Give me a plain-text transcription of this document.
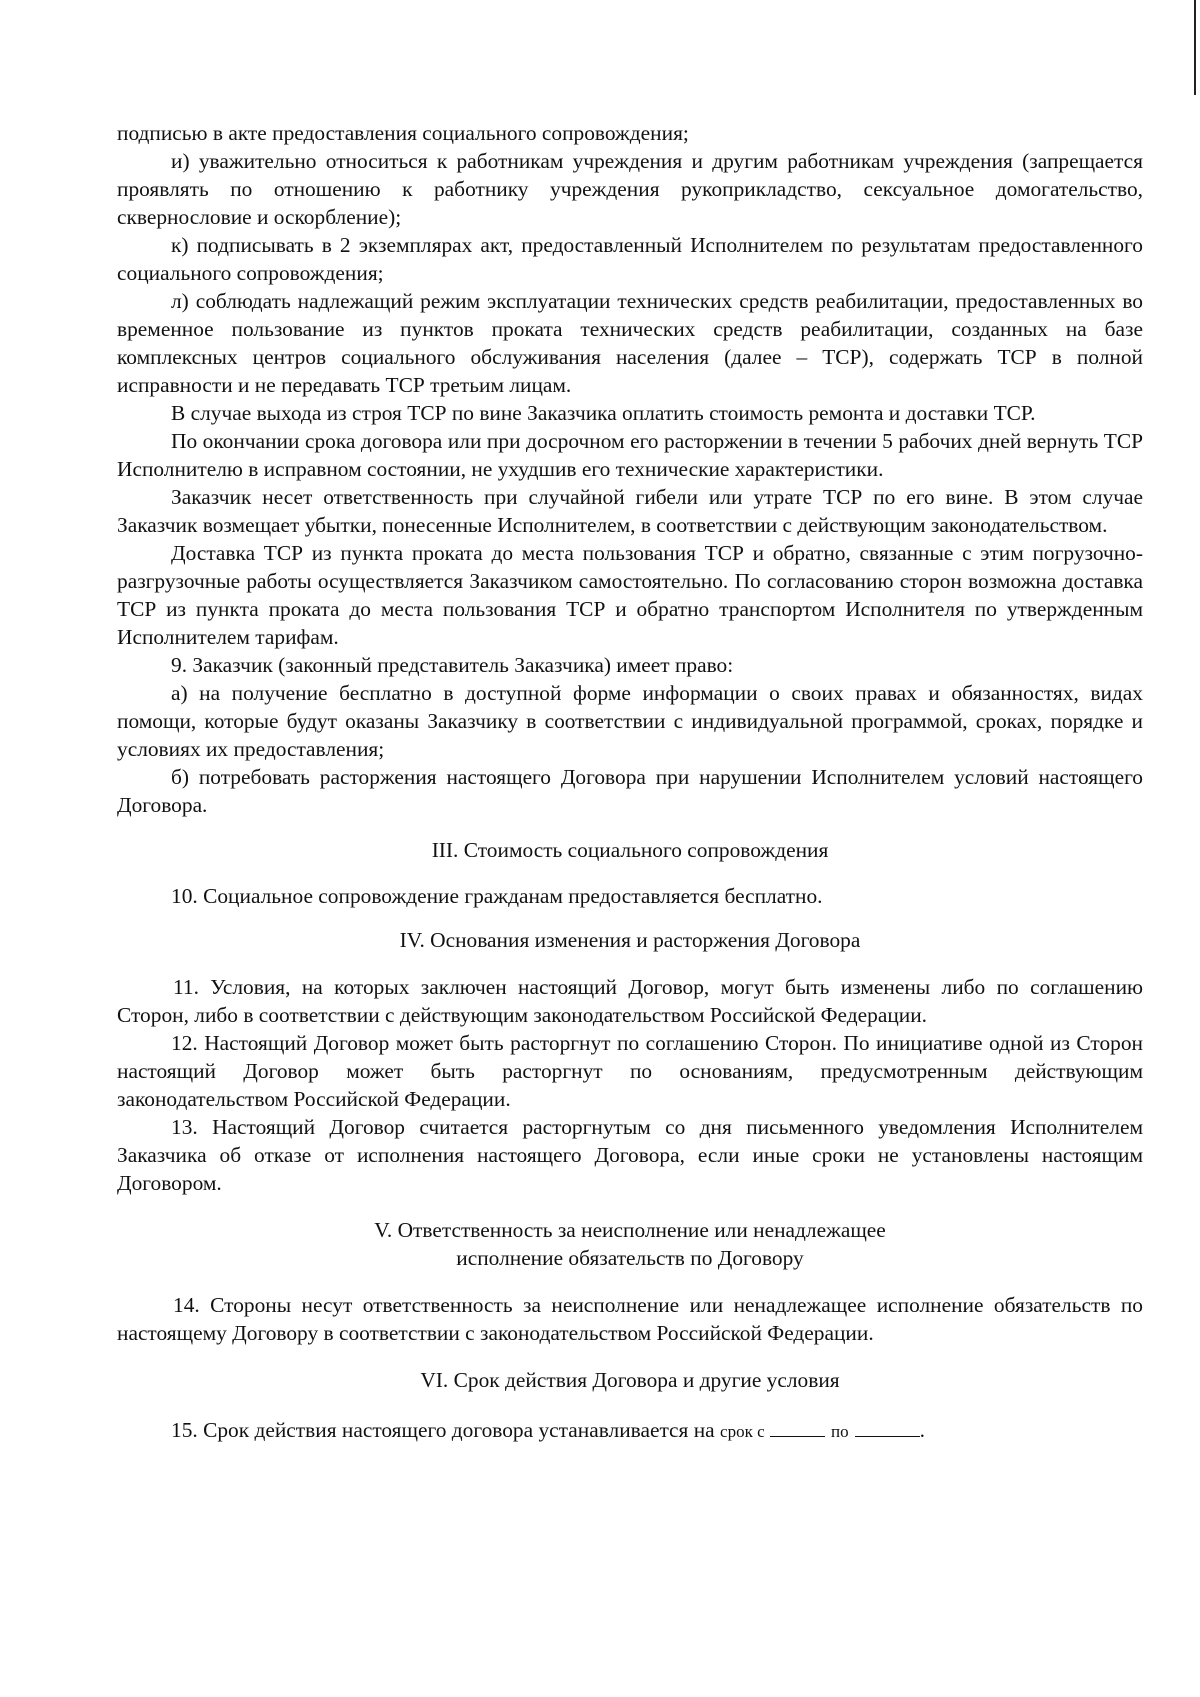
подписью в акте предоставления социального сопровождения;

и) уважительно относиться к работникам учреждения и другим работникам учреждения (запрещается проявлять по отношению к работнику учреждения рукоприкладство, сексуальное домогательство, сквернословие и оскорбление);

к) подписывать в 2 экземплярах акт, предоставленный Исполнителем по результатам предоставленного социального сопровождения;

л) соблюдать надлежащий режим эксплуатации технических средств реабилитации, предоставленных во временное пользование из пунктов проката технических средств реабилитации, созданных на базе комплексных центров социального обслуживания населения (далее – ТСР), содержать ТСР в полной исправности и не передавать ТСР третьим лицам.

В случае выхода из строя ТСР по вине Заказчика оплатить стоимость ремонта и доставки ТСР.

По окончании срока договора или при досрочном его расторжении в течении 5 рабочих дней вернуть ТСР Исполнителю в исправном состоянии, не ухудшив его технические характеристики.

Заказчик несет ответственность при случайной гибели или утрате ТСР по его вине. В этом случае Заказчик возмещает убытки, понесенные Исполнителем, в соответствии с действующим законодательством.

Доставка ТСР из пункта проката до места пользования ТСР и обратно, связанные с этим погрузочно-разгрузочные работы осуществляется Заказчиком самостоятельно. По согласованию сторон возможна доставка ТСР из пункта проката до места пользования ТСР и обратно транспортом Исполнителя по утвержденным Исполнителем тарифам.

9. Заказчик (законный представитель Заказчика) имеет право:

а) на получение бесплатно в доступной форме информации о своих правах и обязанностях, видах помощи, которые будут оказаны Заказчику в соответствии с индивидуальной программой, сроках, порядке и условиях их предоставления;

б) потребовать расторжения настоящего Договора при нарушении Исполнителем условий настоящего Договора.

III. Стоимость социального сопровождения

10. Социальное сопровождение гражданам предоставляется бесплатно.

IV. Основания изменения и расторжения Договора

11. Условия, на которых заключен настоящий Договор, могут быть изменены либо по соглашению Сторон, либо в соответствии с действующим законодательством Российской Федерации.

12. Настоящий Договор может быть расторгнут по соглашению Сторон. По инициативе одной из Сторон настоящий Договор может быть расторгнут по основаниям, предусмотренным действующим законодательством Российской Федерации.

13. Настоящий Договор считается расторгнутым со дня письменного уведомления Исполнителем Заказчика об отказе от исполнения настоящего Договора, если иные сроки не установлены настоящим Договором.

V. Ответственность за неисполнение или ненадлежащее

исполнение обязательств по Договору

14. Стороны несут ответственность за неисполнение или ненадлежащее исполнение обязательств по настоящему Договору в соответствии с законодательством Российской Федерации.

VI. Срок действия Договора и другие условия

15. Срок действия настоящего договора устанавливается на срок с	по	.
